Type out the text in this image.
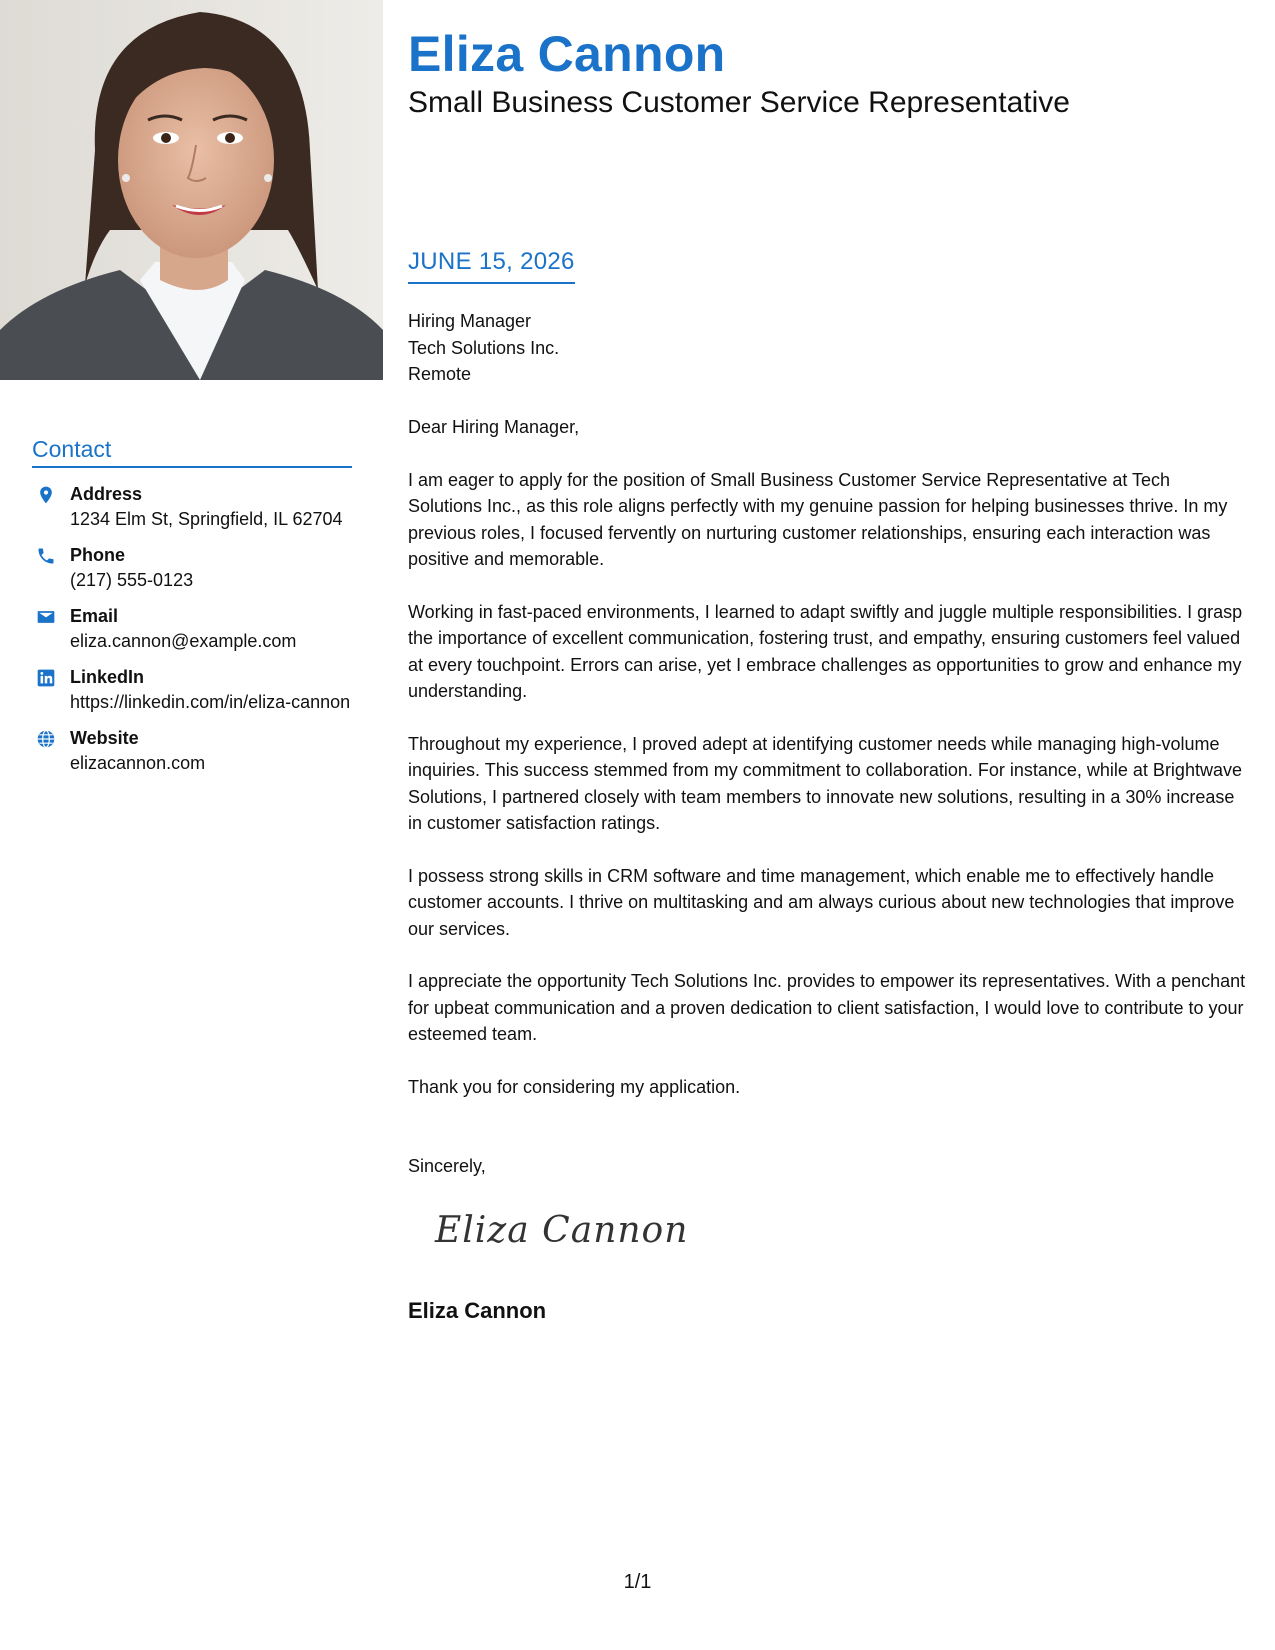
Contact
Address
1234 Elm St, Springfield, IL 62704
Phone
(217) 555-0123
Email
eliza.cannon@example.com
LinkedIn
https://linkedin.com/in/eliza-cannon
Website
elizacannon.com
Eliza Cannon
Small Business Customer Service Representative
JUNE 15, 2026
Hiring Manager
Tech Solutions Inc.
Remote

Dear Hiring Manager,

I am eager to apply for the position of Small Business Customer Service Representative at Tech Solutions Inc., as this role aligns perfectly with my genuine passion for helping businesses thrive. In my previous roles, I focused fervently on nurturing customer relationships, ensuring each interaction was positive and memorable.

Working in fast-paced environments, I learned to adapt swiftly and juggle multiple responsibilities. I grasp the importance of excellent communication, fostering trust, and empathy, ensuring customers feel valued at every touchpoint. Errors can arise, yet I embrace challenges as opportunities to grow and enhance my understanding.

Throughout my experience, I proved adept at identifying customer needs while managing high-volume inquiries. This success stemmed from my commitment to collaboration. For instance, while at Brightwave Solutions, I partnered closely with team members to innovate new solutions, resulting in a 30% increase in customer satisfaction ratings.

I possess strong skills in CRM software and time management, which enable me to effectively handle customer accounts. I thrive on multitasking and am always curious about new technologies that improve our services.

I appreciate the opportunity Tech Solutions Inc. provides to empower its representatives. With a penchant for upbeat communication and a proven dedication to client satisfaction, I would love to contribute to your esteemed team.

Thank you for considering my application.

Sincerely,
Eliza Cannon
Eliza Cannon
1/1
